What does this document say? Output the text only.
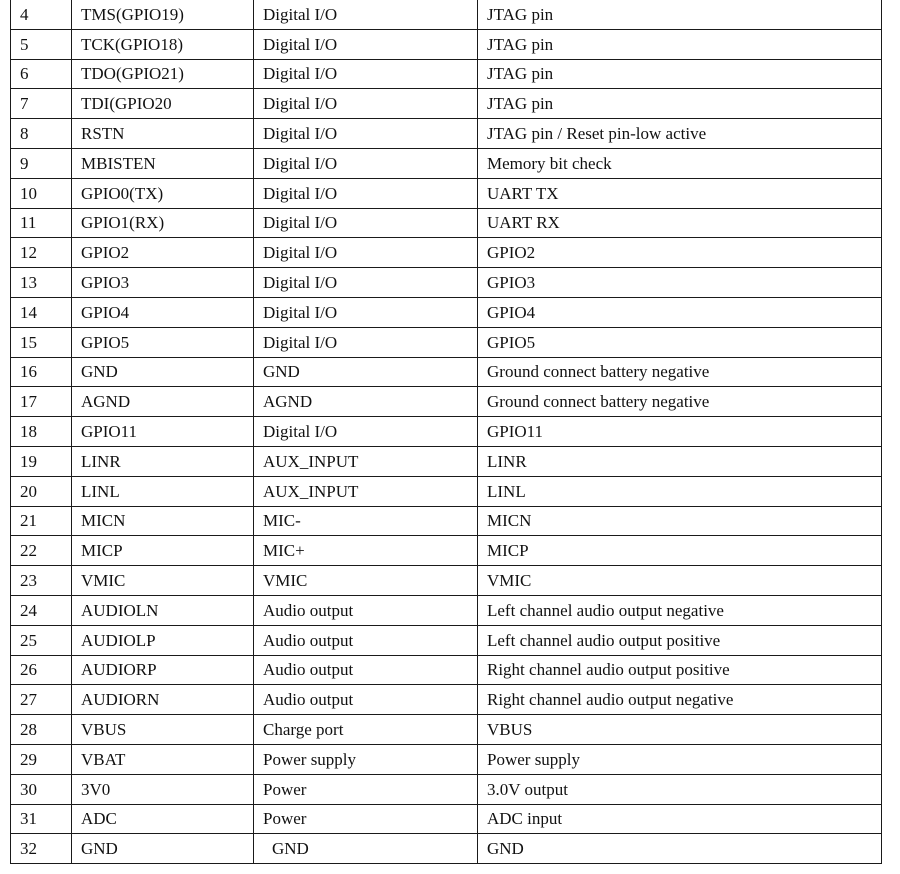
4	TMS(GPIO19)	Digital I/O	JTAG pin
5	TCK(GPIO18)	Digital I/O	JTAG pin
6	TDO(GPIO21)	Digital I/O	JTAG pin
7	TDI(GPIO20	Digital I/O	JTAG pin
8	RSTN	Digital I/O	JTAG pin / Reset pin-low active
9	MBISTEN	Digital I/O	Memory bit check
10	GPIO0(TX)	Digital I/O	UART TX
11	GPIO1(RX)	Digital I/O	UART RX
12	GPIO2	Digital I/O	GPIO2
13	GPIO3	Digital I/O	GPIO3
14	GPIO4	Digital I/O	GPIO4
15	GPIO5	Digital I/O	GPIO5
16	GND	GND	Ground connect battery negative
17	AGND	AGND	Ground connect battery negative
18	GPIO11	Digital I/O	GPIO11
19	LINR	AUX_INPUT	LINR
20	LINL	AUX_INPUT	LINL
21	MICN	MIC-	MICN
22	MICP	MIC+	MICP
23	VMIC	VMIC	VMIC
24	AUDIOLN	Audio output	Left channel audio output negative
25	AUDIOLP	Audio output	Left channel audio output positive
26	AUDIORP	Audio output	Right channel audio output positive
27	AUDIORN	Audio output	Right channel audio output negative
28	VBUS	Charge port	VBUS
29	VBAT	Power supply	Power supply
30	3V0	Power	3.0V output
31	ADC	Power	ADC input
32	GND	GND	GND
